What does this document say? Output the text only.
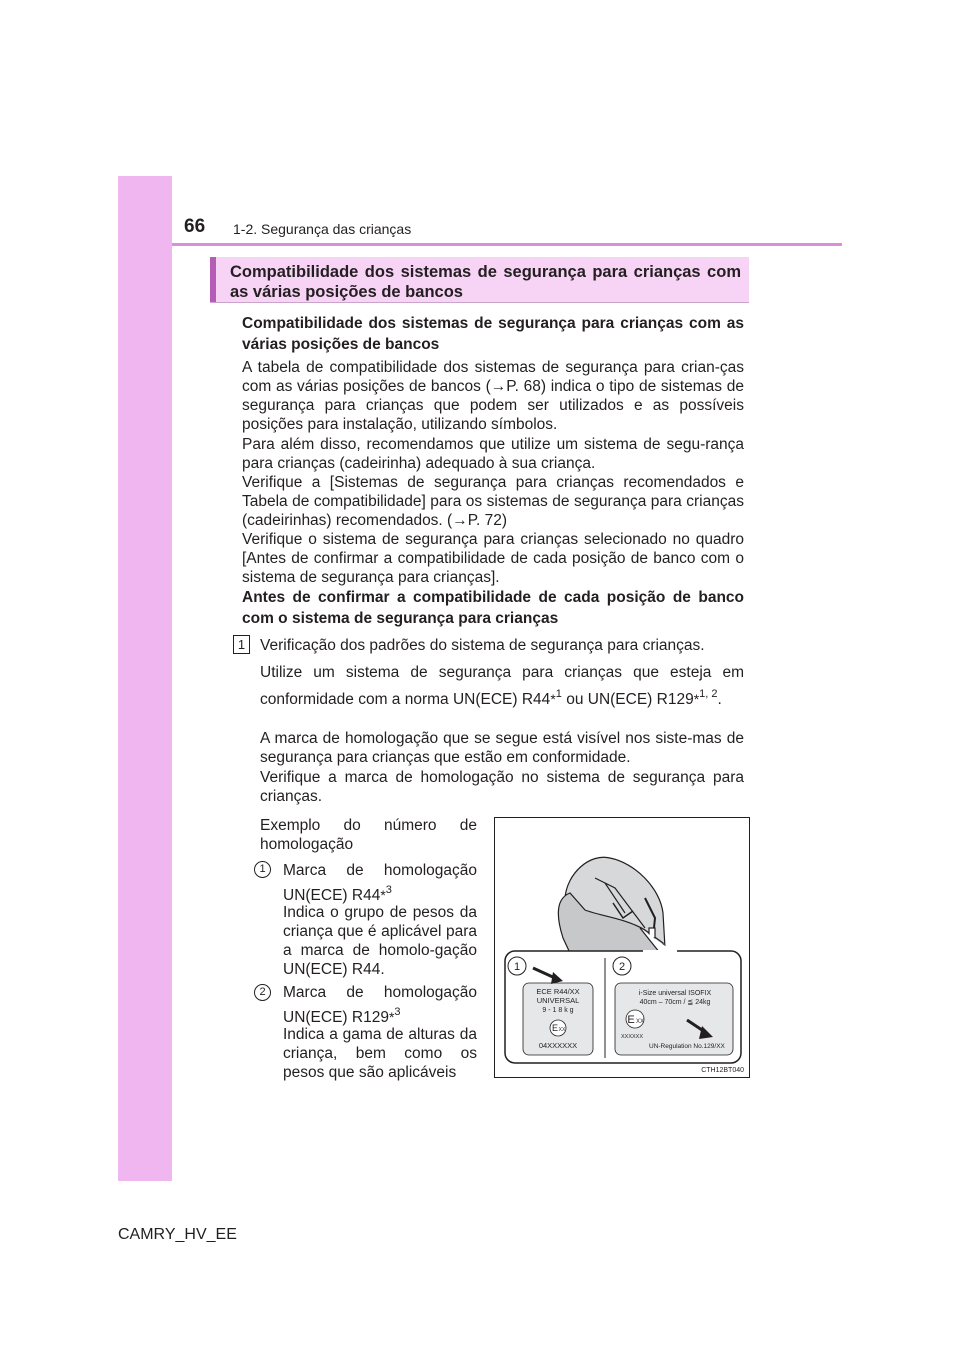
66 1-2. Segurança das crianças
Compatibilidade dos sistemas de segurança para crianças com as várias posições de bancos
Compatibilidade dos sistemas de segurança para crianças com as várias posições de bancos
A tabela de compatibilidade dos sistemas de segurança para crian-ças com as várias posições de bancos (→P. 68) indica o tipo de sistemas de segurança para crianças que podem ser utilizados e as possíveis posições para instalação, utilizando símbolos.
Para além disso, recomendamos que utilize um sistema de segu-rança para crianças (cadeirinha) adequado à sua criança.
Verifique a [Sistemas de segurança para crianças recomendados e Tabela de compatibilidade] para os sistemas de segurança para crianças (cadeirinhas) recomendados. (→P. 72)
Verifique o sistema de segurança para crianças selecionado no quadro [Antes de confirmar a compatibilidade de cada posição de banco com o sistema de segurança para crianças].
Antes de confirmar a compatibilidade de cada posição de banco com o sistema de segurança para crianças
1 Verificação dos padrões do sistema de segurança para crianças.
Utilize um sistema de segurança para crianças que esteja em conformidade com a norma UN(ECE) R44*$^1$ ou UN(ECE) R129*$^{1, 2}$.
A marca de homologação que se segue está visível nos siste-mas de segurança para crianças que estão em conformidade.
Verifique a marca de homologação no sistema de segurança para crianças.
Exemplo do número de homologação
1	Marca de homologação UN(ECE) R44*$^3$
Indica o grupo de pesos da criança que é aplicável para a marca de homolo-gação UN(ECE) R44.
2	Marca de homologação UN(ECE) R129*$^3$
Indica a gama de alturas da criança, bem como os pesos que são aplicáveis
1	2
ECE R44/XX
UNIVERSAL
9 - 1 8 k g
E XX
04XXXXXX
i-Size universal ISOFIX
40cm – 70cm / ≦ 24kg
E XX
XXXXXX
UN-Regulation No.129/XX
CTH12BT040
CAMRY_HV_EE
